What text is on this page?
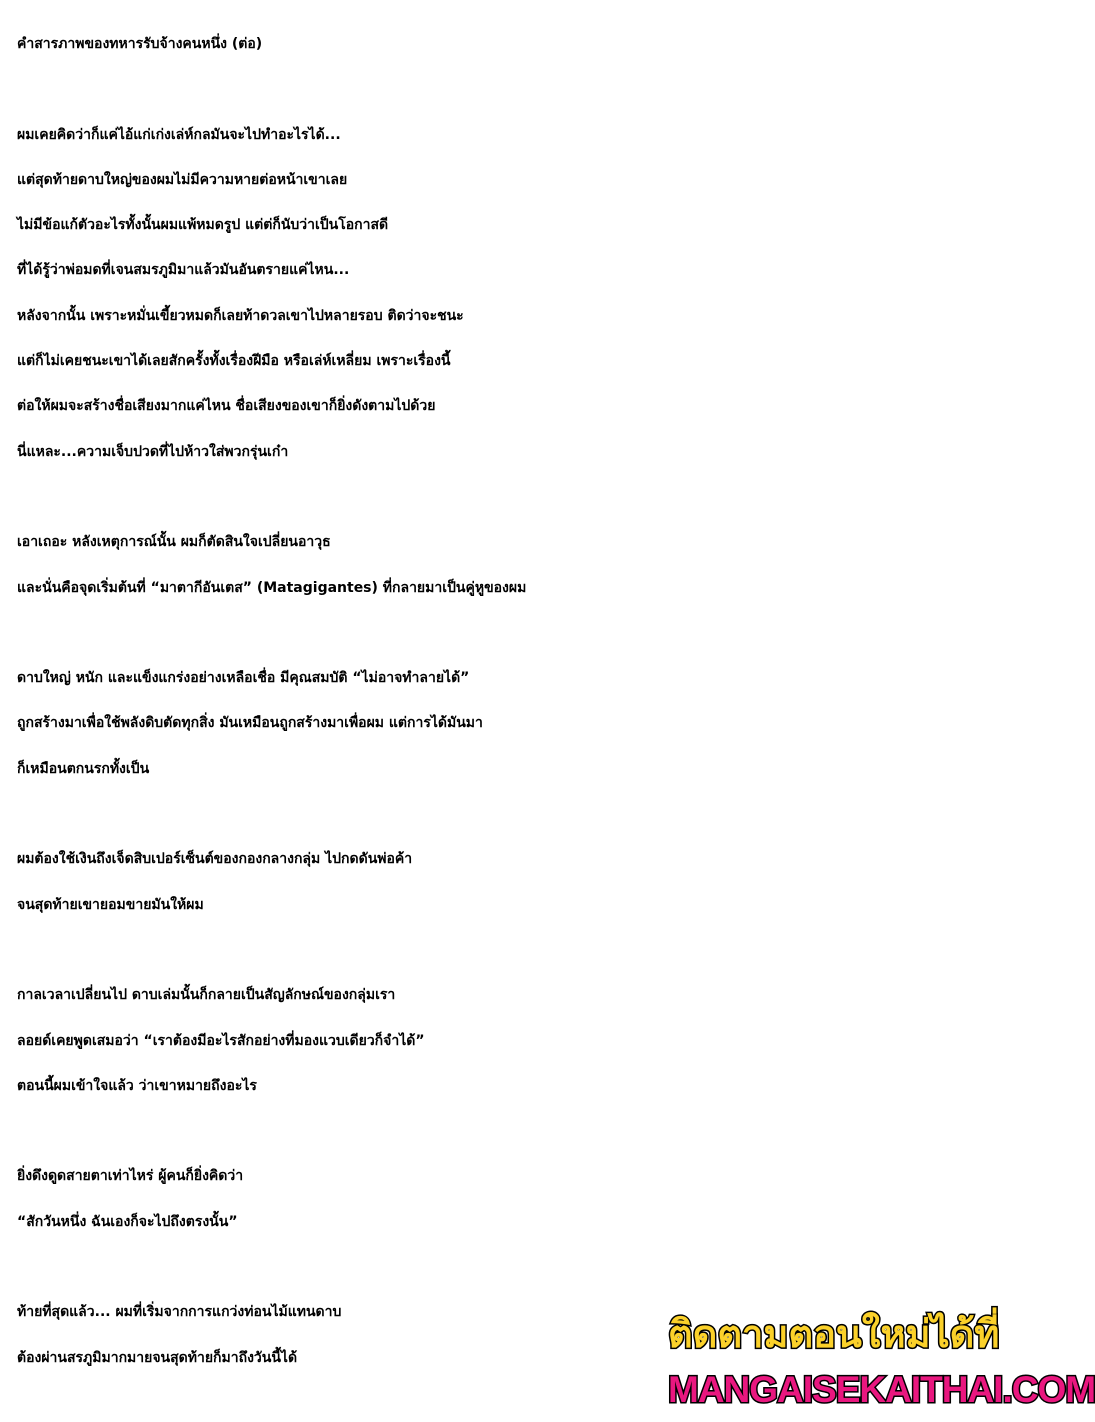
คำสารภาพของทหารรับจ้างคนหนึ่ง (ต่อ)
ผมเคยคิดว่าก็แค่ไอ้แก่เก่งเล่ห์กลมันจะไปทำอะไรได้...
แต่สุดท้ายดาบใหญ่ของผมไม่มีความหายต่อหน้าเขาเลย
ไม่มีข้อแก้ตัวอะไรทั้งนั้นผมแพ้หมดรูป แต่ต่ก็นับว่าเป็นโอกาสดี
ที่ได้รู้ว่าพ่อมดที่เจนสมรภูมิมาแล้วมันอันตรายแค่ไหน...
หลังจากนั้น เพราะหมั่นเขี้ยวหมดก็เลยท้าดวลเขาไปหลายรอบ ติดว่าจะชนะ
แต่ก็ไม่เคยชนะเขาได้เลยสักครั้งทั้งเรื่องฝีมือ หรือเล่ห์เหลี่ยม เพราะเรื่องนี้
ต่อให้ผมจะสร้างชื่อเสียงมากแค่ไหน ชื่อเสียงของเขาก็ยิ่งดังตามไปด้วย
นี่แหละ...ความเจ็บปวดที่ไปห้าวใส่พวกรุ่นเก๋า
เอาเถอะ หลังเหตุการณ์นั้น ผมก็ตัดสินใจเปลี่ยนอาวุธ
และนั่นคือจุดเริ่มต้นที่ “มาตากีอันเตส” (Matagigantes) ที่กลายมาเป็นคู่หูของผม
ดาบใหญ่ หนัก และแข็งแกร่งอย่างเหลือเชื่อ มีคุณสมบัติ “ไม่อาจทำลายได้”
ถูกสร้างมาเพื่อใช้พลังดิบตัดทุกสิ่ง มันเหมือนถูกสร้างมาเพื่อผม แต่การได้มันมา
ก็เหมือนตกนรกทั้งเป็น
ผมต้องใช้เงินถึงเจ็ดสิบเปอร์เซ็นต์ของกองกลางกลุ่ม ไปกดดันพ่อค้า
จนสุดท้ายเขายอมขายมันให้ผม
กาลเวลาเปลี่ยนไป ดาบเล่มนั้นก็กลายเป็นสัญลักษณ์ของกลุ่มเรา
ลอยด์เคยพูดเสมอว่า “เราต้องมีอะไรสักอย่างที่มองแวบเดียวก็จำได้”
ตอนนี้ผมเข้าใจแล้ว ว่าเขาหมายถึงอะไร
ยิ่งดึงดูดสายตาเท่าไหร่ ผู้คนก็ยิ่งคิดว่า
“สักวันหนึ่ง ฉันเองก็จะไปถึงตรงนั้น”
ท้ายที่สุดแล้ว... ผมที่เริ่มจากการแกว่งท่อนไม้แทนดาบ
ต้องผ่านสรภูมิมากมายจนสุดท้ายก็มาถึงวันนี้ได้
ติดตามตอนใหม่ได้ที่
MANGAISEKAITHAI.COM
